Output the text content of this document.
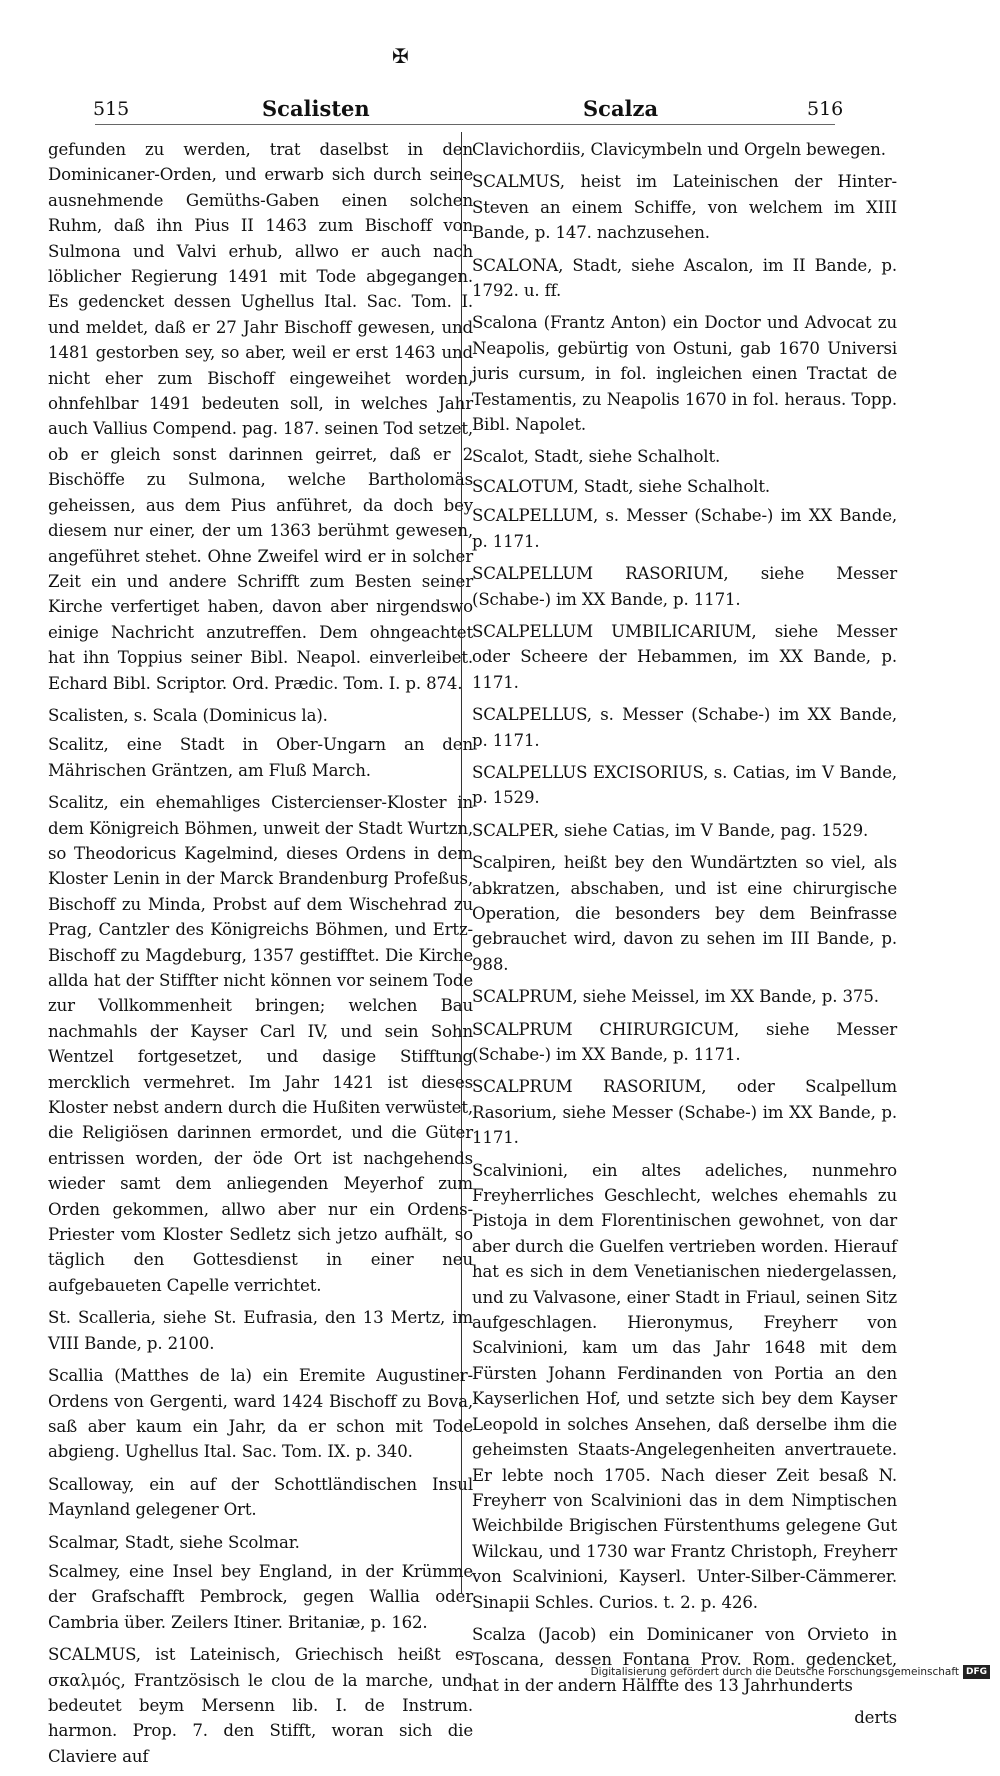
✠
515	Scalisten	Scalza	516

gefunden zu werden, trat daselbst in den Dominicaner-Orden, und erwarb sich durch seine ausnehmende Gemüths-Gaben einen solchen Ruhm, daß ihn Pius II 1463 zum Bischoff von Sulmona und Valvi erhub, allwo er auch nach löblicher Regierung 1491 mit Tode abgegangen. Es gedencket dessen Ughellus Ital. Sac. Tom. I. und meldet, daß er 27 Jahr Bischoff gewesen, und 1481 gestorben sey, so aber, weil er erst 1463 und nicht eher zum Bischoff eingeweihet worden, ohnfehlbar 1491 bedeuten soll, in welches Jahr auch Vallius Compend. pag. 187. seinen Tod setzet, ob er gleich sonst darinnen geirret, daß er 2 Bischöffe zu Sulmona, welche Bartholomäs geheissen, aus dem Pius anführet, da doch bey diesem nur einer, der um 1363 berühmt gewesen, angeführet stehet. Ohne Zweifel wird er in solcher Zeit ein und andere Schrifft zum Besten seiner Kirche verfertiget haben, davon aber nirgendswo einige Nachricht anzutreffen. Dem ohngeachtet hat ihn Toppius seiner Bibl. Neapol. einverleibet. Echard Bibl. Scriptor. Ord. Prædic. Tom. I. p. 874.

Scalisten, s. Scala (Dominicus la).

Scalitz, eine Stadt in Ober-Ungarn an den Mährischen Gräntzen, am Fluß March.

Scalitz, ein ehemahliges Cistercienser-Kloster in dem Königreich Böhmen, unweit der Stadt Wurtzn, so Theodoricus Kagelmind, dieses Ordens in dem Kloster Lenin in der Marck Brandenburg Profeßus, Bischoff zu Minda, Probst auf dem Wischehrad zu Prag, Cantzler des Königreichs Böhmen, und Ertz-Bischoff zu Magdeburg, 1357 gestifftet. Die Kirche allda hat der Stiffter nicht können vor seinem Tode zur Vollkommenheit bringen; welchen Bau nachmahls der Kayser Carl IV, und sein Sohn Wentzel fortgesetzet, und dasige Stifftung mercklich vermehret. Im Jahr 1421 ist dieses Kloster nebst andern durch die Hußiten verwüstet, die Religiösen darinnen ermordet, und die Güter entrissen worden, der öde Ort ist nachgehends wieder samt dem anliegenden Meyerhof zum Orden gekommen, allwo aber nur ein Ordens-Priester vom Kloster Sedletz sich jetzo aufhält, so täglich den Gottesdienst in einer neu aufgebaueten Capelle verrichtet.

St. Scalleria, siehe St. Eufrasia, den 13 Mertz, im VIII Bande, p. 2100.

Scallia (Matthes de la) ein Eremite Augustiner-Ordens von Gergenti, ward 1424 Bischoff zu Bova, saß aber kaum ein Jahr, da er schon mit Tode abgieng. Ughellus Ital. Sac. Tom. IX. p. 340.

Scalloway, ein auf der Schottländischen Insul Maynland gelegener Ort.

Scalmar, Stadt, siehe Scolmar.

Scalmey, eine Insel bey England, in der Krümme der Grafschafft Pembrock, gegen Wallia oder Cambria über. Zeilers Itiner. Britaniæ, p. 162.

SCALMUS, ist Lateinisch, Griechisch heißt es σκαλμός, Frantzösisch le clou de la marche, und bedeutet beym Mersenn lib. I. de Instrum. harmon. Prop. 7. den Stifft, woran sich die Claviere auf

Clavichordiis, Clavicymbeln und Orgeln bewegen.

SCALMUS, heist im Lateinischen der Hinter-Steven an einem Schiffe, von welchem im XIII Bande, p. 147. nachzusehen.

SCALONA, Stadt, siehe Ascalon, im II Bande, p. 1792. u. ff.

Scalona (Frantz Anton) ein Doctor und Advocat zu Neapolis, gebürtig von Ostuni, gab 1670 Universi juris cursum, in fol. ingleichen einen Tractat de Testamentis, zu Neapolis 1670 in fol. heraus. Topp. Bibl. Napolet.

Scalot, Stadt, siehe Schalholt.

SCALOTUM, Stadt, siehe Schalholt.

SCALPELLUM, s. Messer (Schabe-) im XX Bande, p. 1171.

SCALPELLUM RASORIUM, siehe Messer (Schabe-) im XX Bande, p. 1171.

SCALPELLUM UMBILICARIUM, siehe Messer oder Scheere der Hebammen, im XX Bande, p. 1171.

SCALPELLUS, s. Messer (Schabe-) im XX Bande, p. 1171.

SCALPELLUS EXCISORIUS, s. Catias, im V Bande, p. 1529.

SCALPER, siehe Catias, im V Bande, pag. 1529.

Scalpiren, heißt bey den Wundärtzten so viel, als abkratzen, abschaben, und ist eine chirurgische Operation, die besonders bey dem Beinfrasse gebrauchet wird, davon zu sehen im III Bande, p. 988.

SCALPRUM, siehe Meissel, im XX Bande, p. 375.

SCALPRUM CHIRURGICUM, siehe Messer (Schabe-) im XX Bande, p. 1171.

SCALPRUM RASORIUM, oder Scalpellum Rasorium, siehe Messer (Schabe-) im XX Bande, p. 1171.

Scalvinioni, ein altes adeliches, nunmehro Freyherrliches Geschlecht, welches ehemahls zu Pistoja in dem Florentinischen gewohnet, von dar aber durch die Guelfen vertrieben worden. Hierauf hat es sich in dem Venetianischen niedergelassen, und zu Valvasone, einer Stadt in Friaul, seinen Sitz aufgeschlagen. Hieronymus, Freyherr von Scalvinioni, kam um das Jahr 1648 mit dem Fürsten Johann Ferdinanden von Portia an den Kayserlichen Hof, und setzte sich bey dem Kayser Leopold in solches Ansehen, daß derselbe ihm die geheimsten Staats-Angelegenheiten anvertrauete. Er lebte noch 1705. Nach dieser Zeit besaß N. Freyherr von Scalvinioni das in dem Nimptischen Weichbilde Brigischen Fürstenthums gelegene Gut Wilckau, und 1730 war Frantz Christoph, Freyherr von Scalvinioni, Kayserl. Unter-Silber-Cämmerer. Sinapii Schles. Curios. t. 2. p. 426.

Scalza (Jacob) ein Dominicaner von Orvieto in Toscana, dessen Fontana Prov. Rom. gedencket, hat in der andern Hälffte des 13 Jahrhunderts

derts
Digitalisierung gefördert durch die Deutsche Forschungsgemeinschaft DFG
